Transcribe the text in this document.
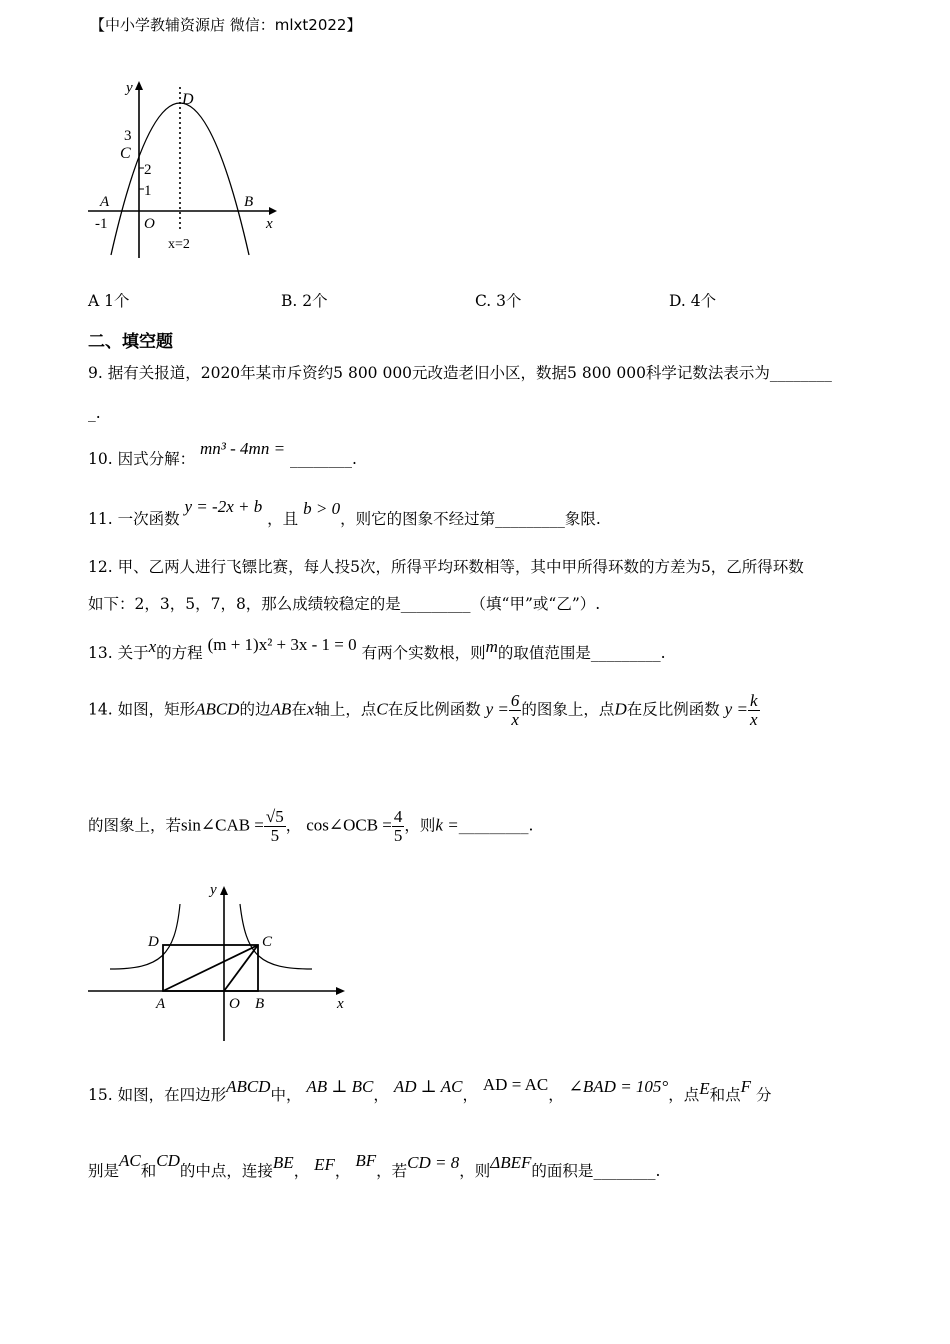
【中小学教辅资源店 微信：mlxt2022】
y
D
3
C
2
1
A	B
-1 O	x
x=2
A 1个	B. 2个	C. 3个	D. 4个
二、填空题
9. 据有关报道，2020年某市斥资约5 800 000元改造老旧小区，数据5 800 000科学记数法表示为________
_.
10. 因式分解： mn³ - 4mn = ________.
11. 一次函数 y = -2x + b ，且 b > 0，则它的图象不经过第_________象限.
12. 甲、乙两人进行飞镖比赛，每人投5次，所得平均环数相等，其中甲所得环数的方差为5，乙所得环数
如下：2，3，5，7，8，那么成绩较稳定的是_________（填“甲”或“乙”）.
13. 关于x的方程 (m + 1)x² + 3x - 1 = 0 有两个实数根，则m的取值范围是_________.
14. 如图，矩形ABCD的边AB在x轴上，点C在反比例函数 $y = \frac{6}{x}$ 的图象上，点D在反比例函数 $y = \frac{k}{x}$
的图象上，若sin∠CAB = $\frac{√5}{5}$ ， cos∠OCB = $\frac{4}{5}$ ，则k =_________.
y
D	C
A	O B	x
15. 如图，在四边形ABCD中， AB ⊥ BC， AD ⊥ AC， AD = AC， ∠BAD = 105°，点E和点F 分
别是AC和CD的中点，连接BE， EF， BF，若CD = 8，则ΔBEF的面积是________.
